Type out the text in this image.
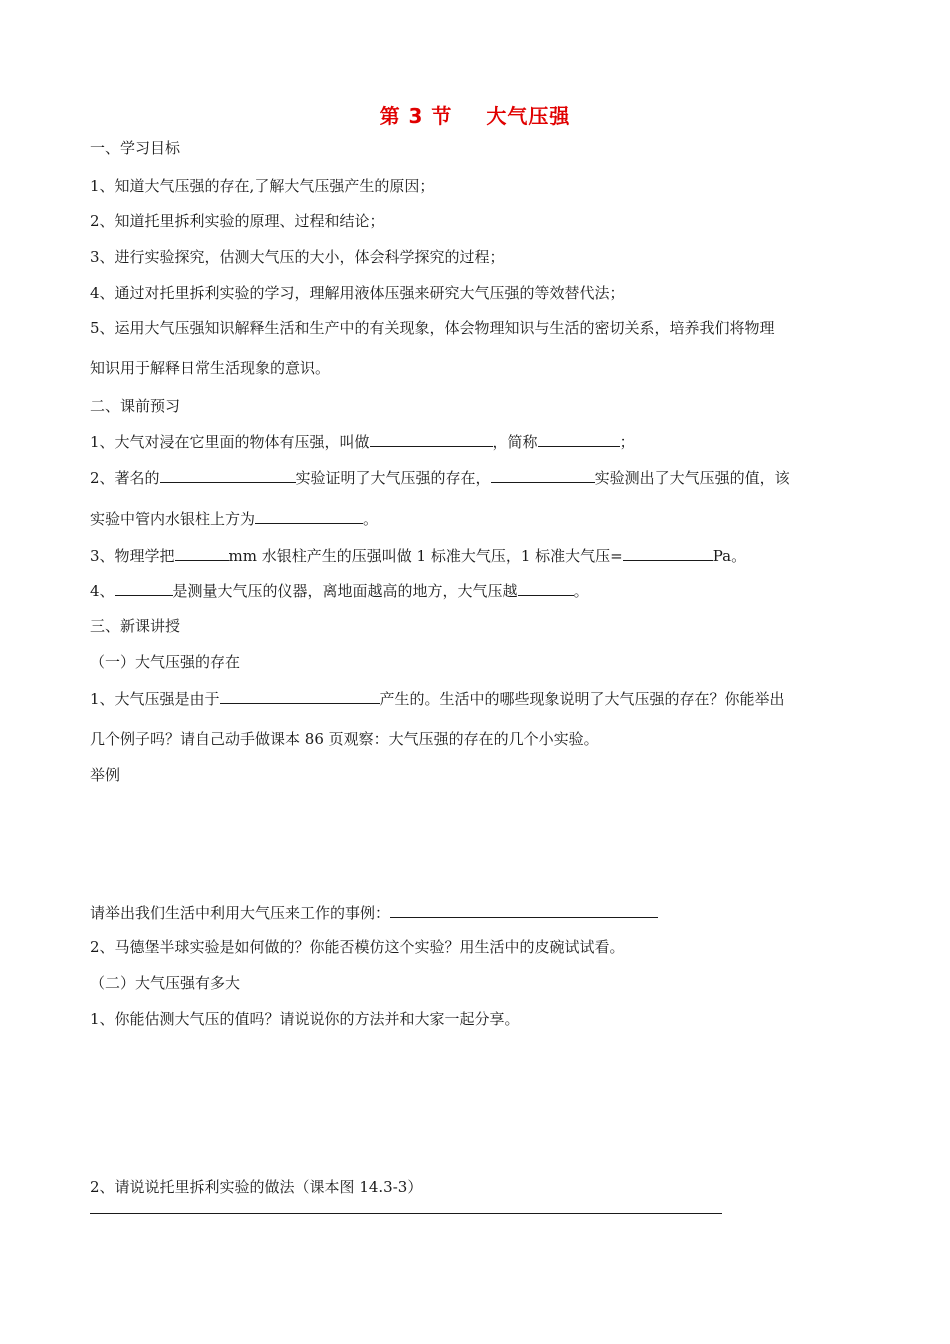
第 3 节 大气压强
一、学习目标
1、知道大气压强的存在,了解大气压强产生的原因；
2、知道托里拆利实验的原理、过程和结论；
3、进行实验探究，估测大气压的大小，体会科学探究的过程；
4、通过对托里拆利实验的学习，理解用液体压强来研究大气压强的等效替代法；
5、运用大气压强知识解释生活和生产中的有关现象，体会物理知识与生活的密切关系，培养我们将物理
知识用于解释日常生活现象的意识。
二、课前预习
1、大气对浸在它里面的物体有压强，叫做	，简称	；
2、著名的	实验证明了大气压强的存在，	实验测出了大气压强的值，该
实验中管内水银柱上方为	。
3、物理学把	mm 水银柱产生的压强叫做 1 标准大气压，1 标准大气压=	Pa。
4、	是测量大气压的仪器，离地面越高的地方，大气压越	。
三、新课讲授
（一）大气压强的存在
1、大气压强是由于	产生的。生活中的哪些现象说明了大气压强的存在？你能举出
几个例子吗？请自己动手做课本 86 页观察：大气压强的存在的几个小实验。
举例
请举出我们生活中利用大气压来工作的事例：
2、马德堡半球实验是如何做的？你能否模仿这个实验？用生活中的皮碗试试看。
（二）大气压强有多大
1、你能估测大气压的值吗？请说说你的方法并和大家一起分享。
2、请说说托里拆利实验的做法（课本图 14.3-3）
